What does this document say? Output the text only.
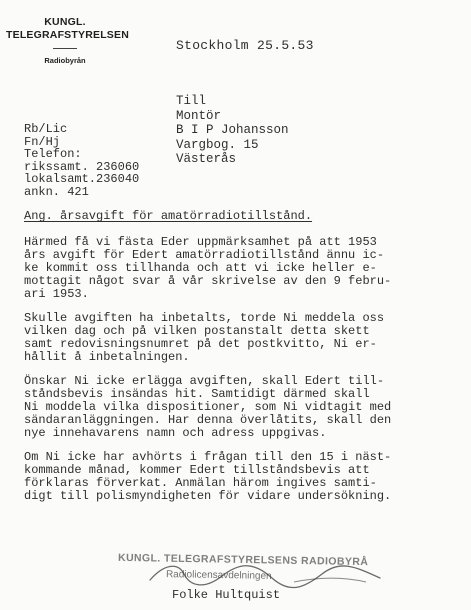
KUNGL.
TELEGRAFSTYRELSEN
Radiobyrån
Stockholm 25.5.53
Till
Montör
B I P Johansson
Vargbog. 15
Västerås
Rb/Lic
Fn/Hj
Telefon:
rikssamt. 236060
lokalsamt.236040
ankn. 421
Ang. årsavgift för amatörradiotillstånd.
Härmed få vi fästa Eder uppmärksamhet på att 1953
års avgift för Edert amatörradiotillstånd ännu ic-
ke kommit oss tillhanda och att vi icke heller e-
mottagit något svar å vår skrivelse av den 9 febru-
ari 1953.
Skulle avgiften ha inbetalts, torde Ni meddela oss
vilken dag och på vilken postanstalt detta skett
samt redovisningsnumret på det postkvitto, Ni er-
hållit å inbetalningen.
Önskar Ni icke erlägga avgiften, skall Edert till-
ståndsbevis insändas hit. Samtidigt därmed skall
Ni moddela vilka dispositioner, som Ni vidtagit med
sändaranläggningen. Har denna överlåtits, skall den
nye innehavarens namn och adress uppgivas.
Om Ni icke har avhörts i frågan till den 15 i näst-
kommande månad, kommer Edert tillståndsbevis att
förklaras förverkat. Anmälan härom ingives samti-
digt till polismyndigheten för vidare undersökning.
KUNGL. TELEGRAFSTYRELSENS RADIOBYRÅ
Radiolicensavdelningen
Folke Hultquist
